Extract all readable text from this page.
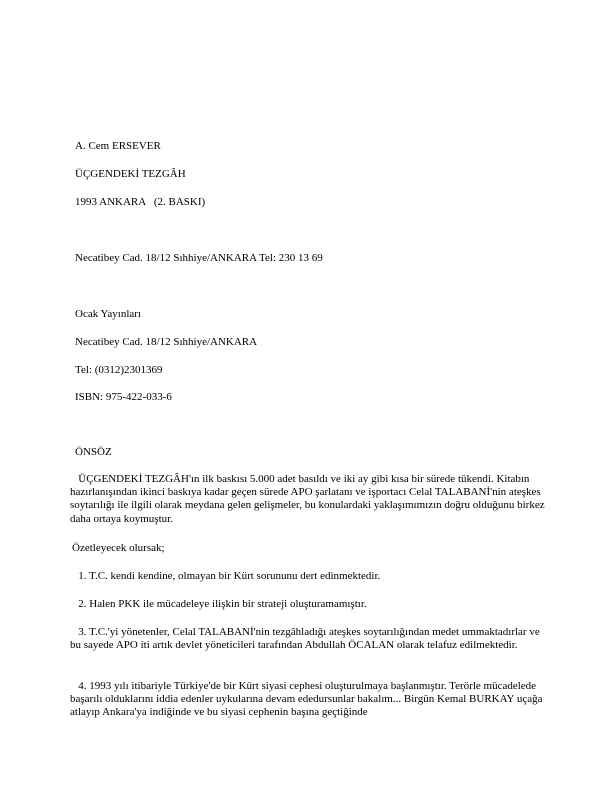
A. Cem ERSEVER
ÜÇGENDEKİ TEZGÂH
1993 ANKARA   (2. BASKI)
Necatibey Cad. 18/12 Sıhhiye/ANKARA Tel: 230 13 69
Ocak Yayınları
Necatibey Cad. 18/12 Sıhhiye/ANKARA
Tel: (0312)2301369
ISBN: 975-422-033-6
ÖNSÖZ
ÜÇGENDEKİ TEZGÂH'ın ilk baskısı 5.000 adet basıldı ve iki ay gibi kısa bir sürede tükendi. Kitabın hazırlanışından ikinci baskıya kadar geçen sürede APO şarlatanı ve işportacı Celal TALABANİ'nin ateşkes soytarılığı ile ilgili olarak meydana gelen gelişmeler, bu konulardaki yaklaşımımızın doğru olduğunu birkez daha ortaya koymuştur.
Özetleyecek olursak;
1. T.C. kendi kendine, olmayan bir Kürt sorununu dert edinmektedir.
2. Halen PKK ile mücadeleye ilişkin bir strateji oluşturamamıştır.
3. T.C.'yi yönetenler, Celal TALABANİ'nin tezgâhladığı ateşkes soytarılığından medet ummaktadırlar ve bu sayede APO iti artık devlet yöneticileri tarafından Abdullah ÖCALAN olarak telafuz edilmektedir.
4. 1993 yılı itibariyle Türkiye'de bir Kürt siyasi cephesi oluşturulmaya başlanmıştır. Terörle mücadelede başarılı olduklarını iddia edenler uykularına devam ededursunlar bakalım... Birgün Kemal BURKAY uçağa atlayıp Ankara'ya indiğinde ve bu siyasi cephenin başına geçtiğinde
